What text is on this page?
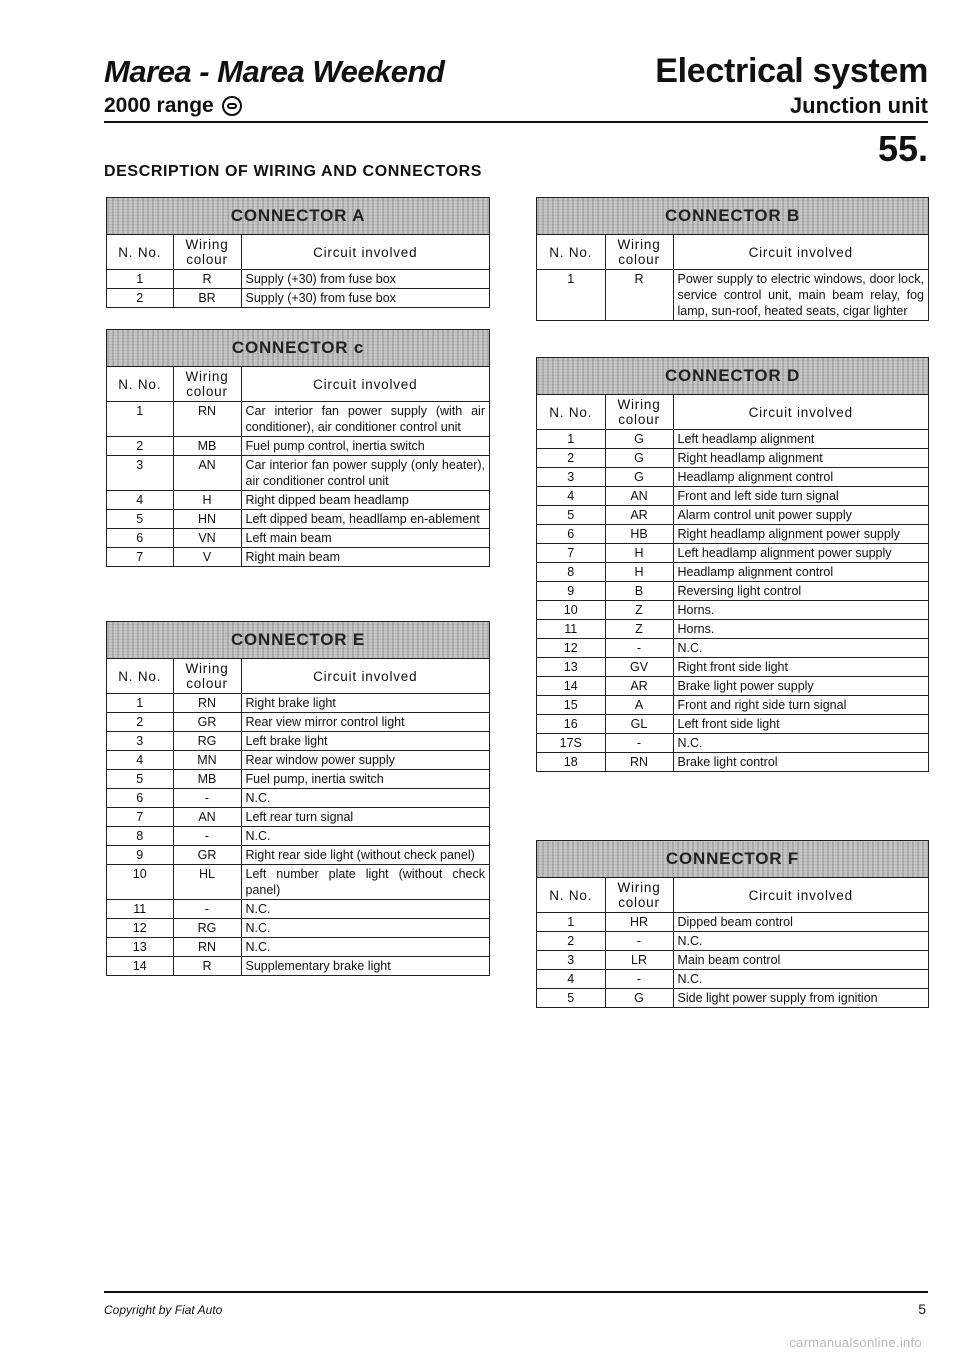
Marea - Marea Weekend
2000 range
Electrical system
Junction unit
55.
DESCRIPTION OF WIRING AND CONNECTORS
CONNECTOR A
N. No.	Wiring colour	Circuit involved
1	R	Supply (+30) from fuse box
2	BR	Supply (+30) from fuse box
CONNECTOR c
N. No.	Wiring colour	Circuit involved
1	RN	Car interior fan power supply (with air conditioner), air conditioner control unit
2	MB	Fuel pump control, inertia switch
3	AN	Car interior fan power supply (only heater), air conditioner control unit
4	H	Right dipped beam headlamp
5	HN	Left dipped beam, headllamp en-ablement
6	VN	Left main beam
7	V	Right main beam
CONNECTOR E
N. No.	Wiring colour	Circuit involved
1	RN	Right brake light
2	GR	Rear view mirror control light
3	RG	Left brake light
4	MN	Rear window power supply
5	MB	Fuel pump, inertia switch
6	-	N.C.
7	AN	Left rear turn signal
8	-	N.C.
9	GR	Right rear side light (without check panel)
10	HL	Left number plate light (without check panel)
11	-	N.C.
12	RG	N.C.
13	RN	N.C.
14	R	Supplementary brake light
CONNECTOR B
N. No.	Wiring colour	Circuit involved
1	R	Power supply to electric windows, door lock, service control unit, main beam relay, fog lamp, sun-roof, heated seats, cigar lighter
CONNECTOR D
N. No.	Wiring colour	Circuit involved
1	G	Left headlamp alignment
2	G	Right headlamp alignment
3	G	Headlamp alignment control
4	AN	Front and left side turn signal
5	AR	Alarm control unit power supply
6	HB	Right headlamp alignment power supply
7	H	Left headlamp alignment power supply
8	H	Headlamp alignment control
9	B	Reversing light control
10	Z	Horns.
11	Z	Horns.
12	-	N.C.
13	GV	Right front side light
14	AR	Brake light power supply
15	A	Front and right side turn signal
16	GL	Left front side light
17S	-	N.C.
18	RN	Brake light control
CONNECTOR F
N. No.	Wiring colour	Circuit involved
1	HR	Dipped beam control
2	-	N.C.
3	LR	Main beam control
4	-	N.C.
5	G	Side light power supply from ignition
Copyright by Fiat Auto	5
carmanualsonline.info
